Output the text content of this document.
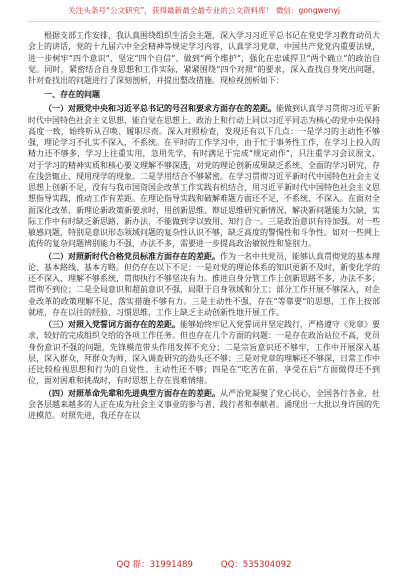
关注头条号“公文研究”，获得最新最全最专业的公文资料库！ 微信：gongwenyj

根据支部工作安排，我认真围绕组织生活会主题，深入学习习近平总书记在党史学习教育动员大会上的讲话，党的十九届六中全会精神等规定学习内容，认真学习党章、中国共产党党内重要法规，进一步树牢“四个意识”、坚定“四个自信”、做到“两个维护”，强化在忠诚捍卫“两个确立”的政治自觉。同时，紧密结合自身思想和工作实际，紧紧围绕“四个对照”的要求，深入查找自身突出问题，针对查找出的问题进行了深刻剖析，并提出整改措施。现检视剖析如下：

一、存在的问题

（一）对照党中央和习近平总书记的号召和要求方面存在的差距。能做到认真学习贯彻习近平新时代中国特色社会主义思想，能自觉在思想上、政治上和行动上同以习近平同志为核心的党中央保持高度一致，始终听从召唤、履职尽责。深入对照检查，发现还有以下几点：一是学习的主动性不够强，理论学习不扎实不深入，不系统。在平时的工作学习中，由于忙于事务性工作，在学习上投入的精力还不够多，学习上往重实用，急用先学，有时满足于完成“规定动作”，只注重学习会议原文，对于学习的精神实质和核心要义理解不够深透，对党的理论创新成果缺乏系统、全面的学习研究，存在浅尝辄止、现用现学的现象。二是学用结合不够紧密。在学习贯彻习近平新时代中国特色社会主义思想上创新不足，没有与我市国资国企改革工作实践有机结合，用习近平新时代中国特色社会主义思想指导实践，推动工作有差距。在理论指导实践和破解难题方面还不足，不系统、不深入。在面对全面深化改革、新理论新政策新要求时，用创新思维、辩证思维研究新情况、解决新问题能力欠缺，实际工作中有时缺乏新思路、新办法，不能做到学以致用、知行合一。三是政治意识有待加强。对一些敏感问题，特别是意识形态领域问题的复杂性认识不够，缺乏高度的警惕性和斗争性。如对一些网上流传的复杂问题辨别能力不强，办法不多，需要进一步提高政治敏锐性和鉴别力。

（二）对照新时代合格党员标准方面存在的差距。作为一名中共党员，能够认真贯彻党的基本理论、基本路线、基本方略。但仍存在以下不足：一是对党的理论体系的知识更新不及时，新变化学的还不深入，理解不够系统，贯彻执行不够坚决有力。推进自身分管工作上创新思路不多，办法不多；贯彻不到位；二是全局意识和超前意识不强，局限于自身领域和分工；部分工作开展不够深入，对企业改革的政策理解不足，落实措施不够有力。三是主动性不强，存在“等靠要”的思想，工作上按部就班，存在以往的经验、习惯思维，工作上缺乏主动创新性地开展工作。

（三）对照入党誓词方面存在的差距。能够始终牢记入党誓词并坚定践行，严格遵守《党章》要求，较好的完成组织交给的各项工作任务。但也存在几个方面的问题：一是存在政治站位不高，党员身份意识不强的问题，先锋模范带头作用发挥不充分；二是宗旨意识还不够牢，工作中开展深入基层，深入群众，拜群众为师，深入调查研究的劲头还不够；三是对党章的理解还不够深，日常工作中还比较检视思想和行为的自觉性、主动性还不够；四是在“吃苦在前，享受在后”方面做得还不到位，面对困难和挑战时，有时思想上存在畏难情绪。

（四）对照革命先辈和先进典型方面存在的差距。从严治党凝聚了党心民心，全国各行各业，社会各层越来越多的人正在成为社会主义事业的参与者、践行者和奉献者。涌现出一大批以身许国的先进模范。对照先进，我还存在以

QQ 群：31991489	QQ：535304092
